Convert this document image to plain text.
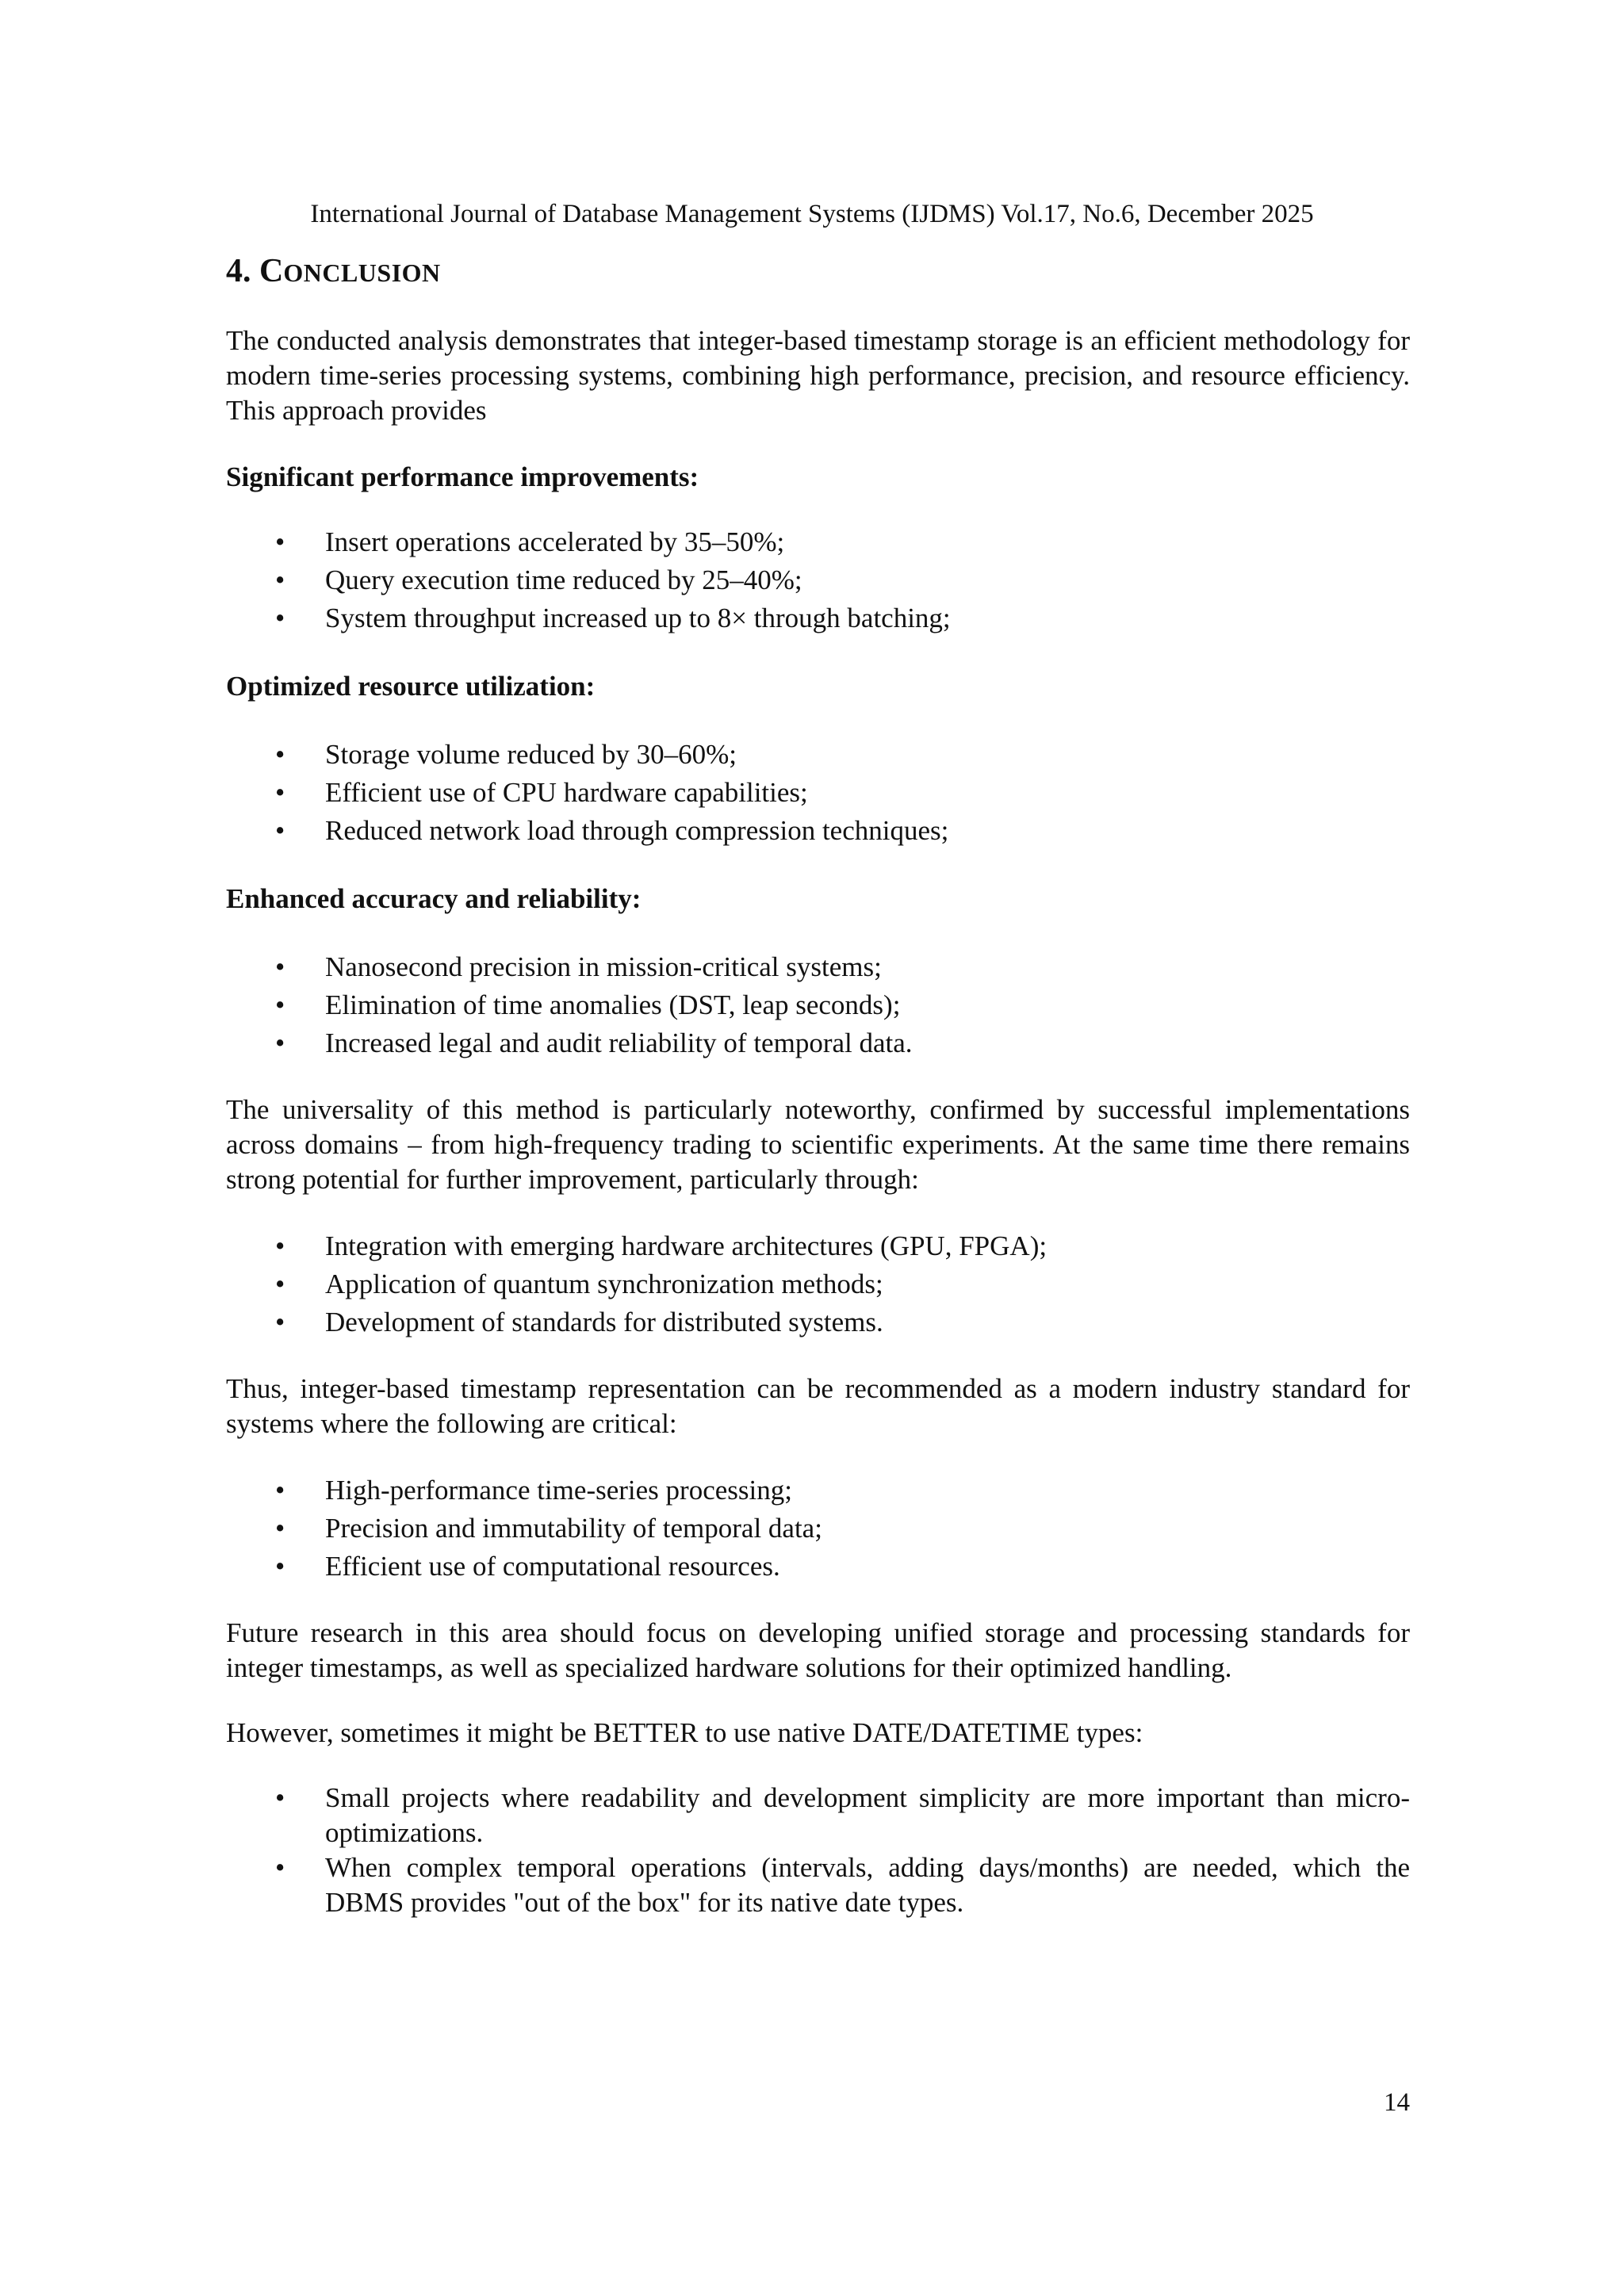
International Journal of Database Management Systems (IJDMS) Vol.17, No.6, December 2025
4. CONCLUSION

The conducted analysis demonstrates that integer-based timestamp storage is an efficient methodology for modern time-series processing systems, combining high performance, precision, and resource efficiency. This approach provides

Significant performance improvements:

•	Insert operations accelerated by 35–50%;
•	Query execution time reduced by 25–40%;
•	System throughput increased up to 8× through batching;

Optimized resource utilization:

•	Storage volume reduced by 30–60%;
•	Efficient use of CPU hardware capabilities;
•	Reduced network load through compression techniques;

Enhanced accuracy and reliability:

•	Nanosecond precision in mission-critical systems;
•	Elimination of time anomalies (DST, leap seconds);
•	Increased legal and audit reliability of temporal data.

The universality of this method is particularly noteworthy, confirmed by successful implementations across domains – from high-frequency trading to scientific experiments. At the same time there remains strong potential for further improvement, particularly through:

•	Integration with emerging hardware architectures (GPU, FPGA);
•	Application of quantum synchronization methods;
•	Development of standards for distributed systems.

Thus, integer-based timestamp representation can be recommended as a modern industry standard for systems where the following are critical:

•	High-performance time-series processing;
•	Precision and immutability of temporal data;
•	Efficient use of computational resources.

Future research in this area should focus on developing unified storage and processing standards for integer timestamps, as well as specialized hardware solutions for their optimized handling.

However, sometimes it might be BETTER to use native DATE/DATETIME types:

•	Small projects where readability and development simplicity are more important than micro-optimizations.
•	When complex temporal operations (intervals, adding days/months) are needed, which the DBMS provides "out of the box" for its native date types.
14
